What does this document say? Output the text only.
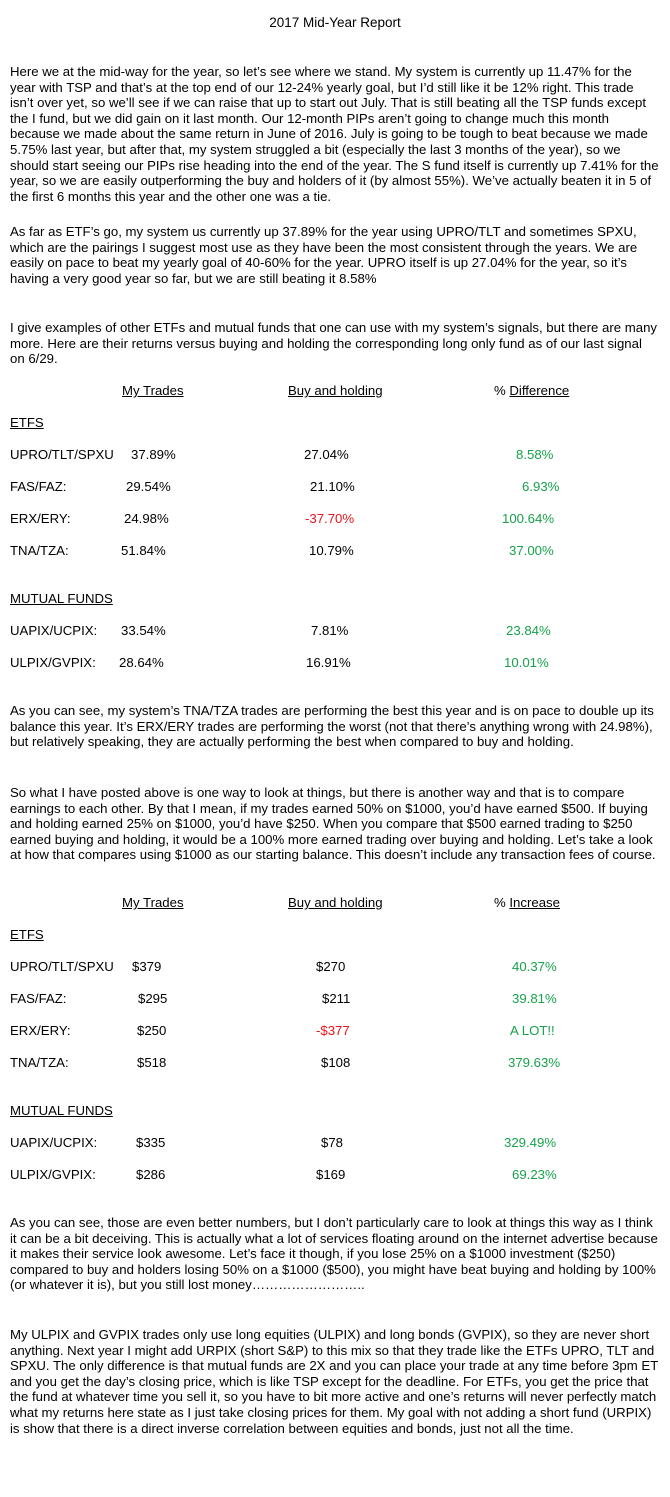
2017 Mid-Year Report

Here we at the mid-way for the year, so let’s see where we stand. My system is currently up 11.47% for the year with TSP and that’s at the top end of our 12-24% yearly goal, but I’d still like it be 12% right. This trade isn’t over yet, so we’ll see if we can raise that up to start out July. That is still beating all the TSP funds except the I fund, but we did gain on it last month. Our 12-month PIPs aren’t going to change much this month because we made about the same return in June of 2016. July is going to be tough to beat because we made 5.75% last year, but after that, my system struggled a bit (especially the last 3 months of the year), so we should start seeing our PIPs rise heading into the end of the year. The S fund itself is currently up 7.41% for the year, so we are easily outperforming the buy and holders of it (by almost 55%). We’ve actually beaten it in 5 of the first 6 months this year and the other one was a tie.

As far as ETF’s go, my system us currently up 37.89% for the year using UPRO/TLT and sometimes SPXU, which are the pairings I suggest most use as they have been the most consistent through the years. We are easily on pace to beat my yearly goal of 40-60% for the year. UPRO itself is up 27.04% for the year, so it’s having a very good year so far, but we are still beating it 8.58%

I give examples of other ETFs and mutual funds that one can use with my system’s signals, but there are many more. Here are their returns versus buying and holding the corresponding long only fund as of our last signal on 6/29.

My Trades	Buy and holding	% Difference
ETFS
UPRO/TLT/SPXU 37.89%	27.04%	8.58%
FAS/FAZ:	29.54%	21.10%	6.93%
ERX/ERY:	24.98%	-37.70%	100.64%
TNA/TZA:	51.84%	10.79%	37.00%
MUTUAL FUNDS
UAPIX/UCPIX: 33.54%	7.81%	23.84%
ULPIX/GVPIX: 28.64%	16.91%	10.01%

As you can see, my system’s TNA/TZA trades are performing the best this year and is on pace to double up its balance this year. It’s ERX/ERY trades are performing the worst (not that there’s anything wrong with 24.98%), but relatively speaking, they are actually performing the best when compared to buy and holding.

So what I have posted above is one way to look at things, but there is another way and that is to compare earnings to each other. By that I mean, if my trades earned 50% on $1000, you’d have earned $500. If buying and holding earned 25% on $1000, you’d have $250. When you compare that $500 earned trading to $250 earned buying and holding, it would be a 100% more earned trading over buying and holding. Let’s take a look at how that compares using $1000 as our starting balance. This doesn’t include any transaction fees of course.

My Trades	Buy and holding	% Increase
ETFS
UPRO/TLT/SPXU $379	$270	40.37%
FAS/FAZ:	$295	$211	39.81%
ERX/ERY:	$250	-$377	A LOT!!
TNA/TZA:	$518	$108	379.63%
MUTUAL FUNDS
UAPIX/UCPIX:	$335	$78	329.49%
ULPIX/GVPIX:	$286	$169	69.23%

As you can see, those are even better numbers, but I don’t particularly care to look at things this way as I think it can be a bit deceiving. This is actually what a lot of services floating around on the internet advertise because it makes their service look awesome. Let’s face it though, if you lose 25% on a $1000 investment ($250) compared to buy and holders losing 50% on a $1000 ($500), you might have beat buying and holding by 100% (or whatever it is), but you still lost money……………………..

My ULPIX and GVPIX trades only use long equities (ULPIX) and long bonds (GVPIX), so they are never short anything. Next year I might add URPIX (short S&P) to this mix so that they trade like the ETFs UPRO, TLT and SPXU. The only difference is that mutual funds are 2X and you can place your trade at any time before 3pm ET and you get the day’s closing price, which is like TSP except for the deadline. For ETFs, you get the price that the fund at whatever time you sell it, so you have to bit more active and one’s returns will never perfectly match what my returns here state as I just take closing prices for them. My goal with not adding a short fund (URPIX) is show that there is a direct inverse correlation between equities and bonds, just not all the time.
